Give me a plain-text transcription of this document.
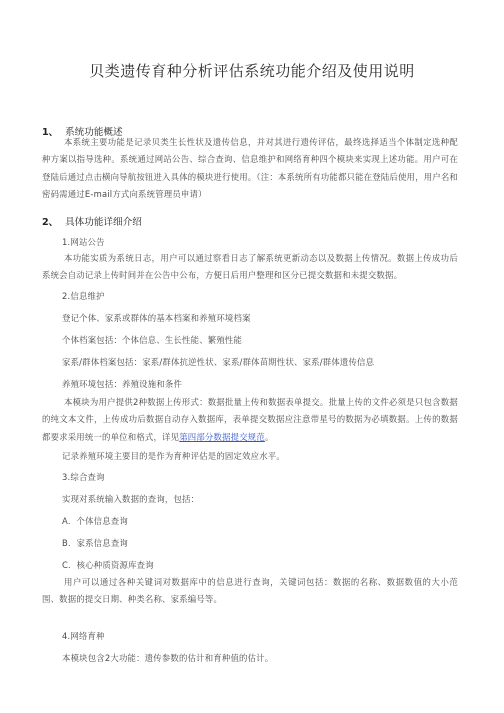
贝类遗传育种分析评估系统功能介绍及使用说明
1、 系统功能概述
本系统主要功能是记录贝类生长性状及遗传信息，并对其进行遗传评估，最终选择适当个体制定选种配种方案以指导选种。系统通过网站公告、综合查询、信息维护和网络育种四个模块来实现上述功能。用户可在登陆后通过点击横向导航按钮进入具体的模块进行使用。（注：本系统所有功能都只能在登陆后使用，用户名和密码需通过E-mail方式向系统管理员申请）
2、 具体功能详细介绍
1.网站公告
本功能实质为系统日志，用户可以通过察看日志了解系统更新动态以及数据上传情况。数据上传成功后系统会自动记录上传时间并在公告中公布，方便日后用户整理和区分已提交数据和未提交数据。
2.信息维护
登记个体、家系或群体的基本档案和养殖环境档案
个体档案包括：个体信息、生长性能、繁殖性能
家系/群体档案包括：家系/群体抗逆性状、家系/群体苗期性状、家系/群体遗传信息
养殖环境包括：养殖设施和条件
本模块为用户提供2种数据上传形式：数据批量上传和数据表单提交。批量上传的文件必须是只包含数据的纯文本文件，上传成功后数据自动存入数据库，表单提交数据应注意带星号的数据为必填数据。上传的数据都要求采用统一的单位和格式，详见第四部分数据提交规范。
记录养殖环境主要目的是作为育种评估是的固定效应水平。
3.综合查询
实现对系统输入数据的查询，包括：
A．个体信息查询
B．家系信息查询
C．核心种质资源库查询
用户可以通过各种关键词对数据库中的信息进行查询，关键词包括：数据的名称、数据数值的大小范围、数据的提交日期、种类名称、家系编号等。
4.网络育种
本模块包含2大功能：遗传参数的估计和育种值的估计。
